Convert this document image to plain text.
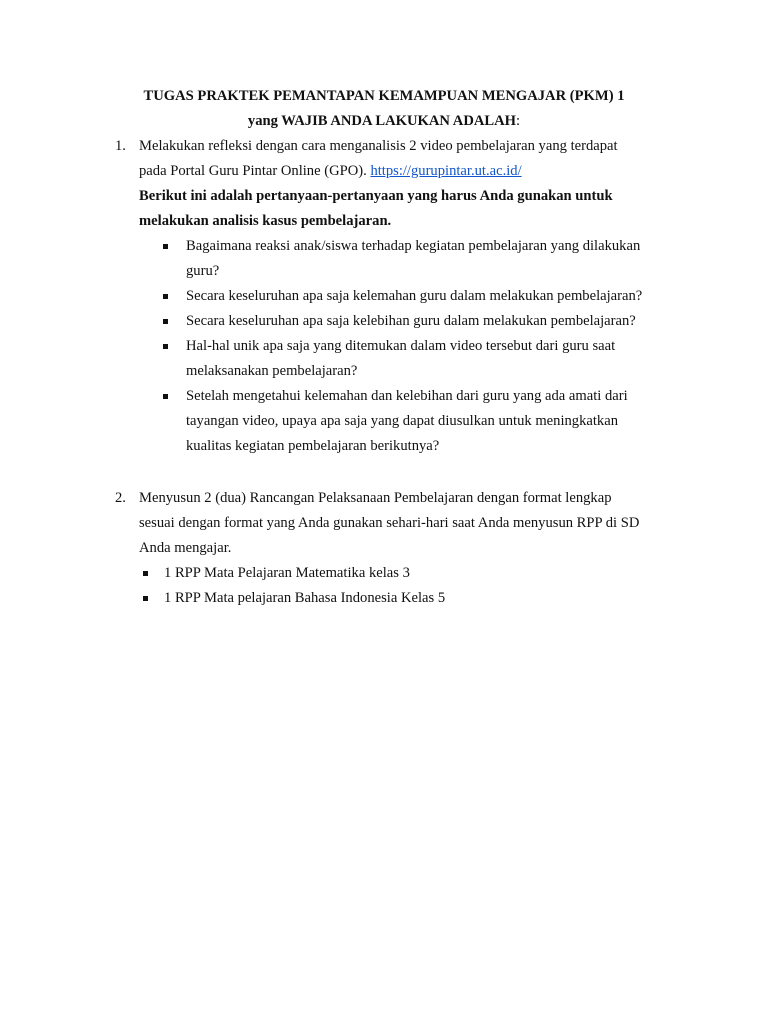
TUGAS PRAKTEK PEMANTAPAN KEMAMPUAN MENGAJAR (PKM) 1
yang WAJIB ANDA LAKUKAN ADALAH:
1. Melakukan refleksi dengan cara menganalisis 2 video pembelajaran yang terdapat
pada Portal Guru Pintar Online (GPO). https://gurupintar.ut.ac.id/
Berikut ini adalah pertanyaan-pertanyaan yang harus Anda gunakan untuk
melakukan analisis kasus pembelajaran.
Bagaimana reaksi anak/siswa terhadap kegiatan pembelajaran yang dilakukan
guru?
Secara keseluruhan apa saja kelemahan guru dalam melakukan pembelajaran?
Secara keseluruhan apa saja kelebihan guru dalam melakukan pembelajaran?
Hal-hal unik apa saja yang ditemukan dalam video tersebut dari guru saat
melaksanakan pembelajaran?
Setelah mengetahui kelemahan dan kelebihan dari guru yang ada amati dari
tayangan video, upaya apa saja yang dapat diusulkan untuk meningkatkan
kualitas kegiatan pembelajaran berikutnya?
2. Menyusun 2 (dua) Rancangan Pelaksanaan Pembelajaran dengan format lengkap
sesuai dengan format yang Anda gunakan sehari-hari saat Anda menyusun RPP di SD
Anda mengajar.
1 RPP Mata Pelajaran Matematika kelas 3
1 RPP Mata pelajaran Bahasa Indonesia Kelas 5
